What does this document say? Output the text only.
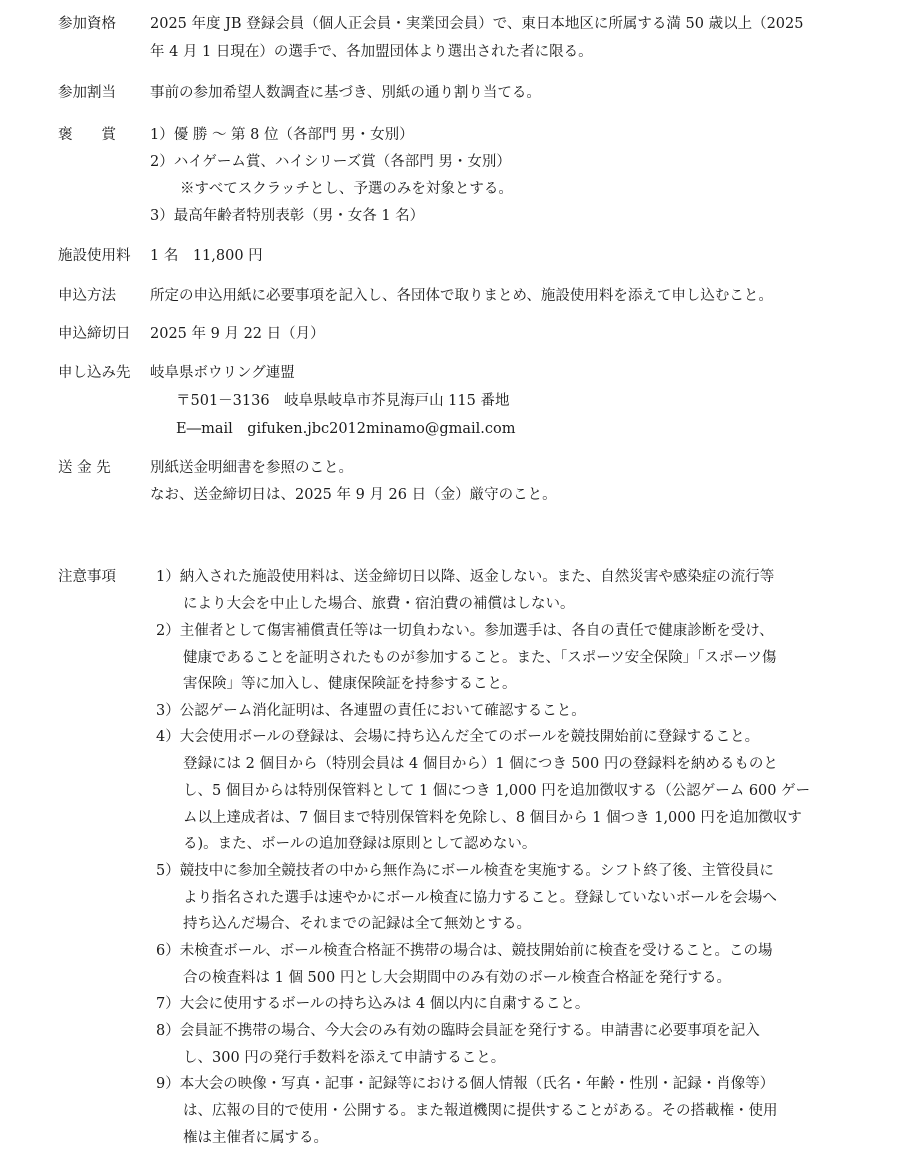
参加資格 2025 年度 JB 登録会員（個人正会員・実業団会員）で、東日本地区に所属する満 50 歳以上（2025
年 4 月 1 日現在）の選手で、各加盟団体より選出された者に限る。
参加割当 事前の参加希望人数調査に基づき、別紙の通り割り当てる。
褒　　賞 1）優 勝 〜 第 8 位（各部門 男・女別）
2）ハイゲーム賞、ハイシリーズ賞（各部門 男・女別）
※すべてスクラッチとし、予選のみを対象とする。
3）最高年齢者特別表彰（男・女各 1 名）
施設使用料 1 名　11,800 円
申込方法 所定の申込用紙に必要事項を記入し、各団体で取りまとめ、施設使用料を添えて申し込むこと。
申込締切日 2025 年 9 月 22 日（月）
申し込み先 岐阜県ボウリング連盟
〒501－3136　岐阜県岐阜市芥見海戸山 115 番地
E―mail　gifuken.jbc2012minamo@gmail.com
送 金 先	別紙送金明細書を参照のこと。
なお、送金締切日は、2025 年 9 月 26 日（金）厳守のこと。
注意事項	1）納入された施設使用料は、送金締切日以降、返金しない。また、自然災害や感染症の流行等
により大会を中止した場合、旅費・宿泊費の補償はしない。
2）主催者として傷害補償責任等は一切負わない。参加選手は、各自の責任で健康診断を受け、
健康であることを証明されたものが参加すること。また、「スポーツ安全保険」「スポーツ傷
害保険」等に加入し、健康保険証を持参すること。
3）公認ゲーム消化証明は、各連盟の責任において確認すること。
4）大会使用ボールの登録は、会場に持ち込んだ全てのボールを競技開始前に登録すること。
登録には 2 個目から（特別会員は 4 個目から）1 個につき 500 円の登録料を納めるものと
し、5 個目からは特別保管料として 1 個につき 1,000 円を追加徴収する（公認ゲーム 600 ゲー
ム以上達成者は、7 個目まで特別保管料を免除し、8 個目から 1 個つき 1,000 円を追加徴収す
る)。また、ボールの追加登録は原則として認めない。
5）競技中に参加全競技者の中から無作為にボール検査を実施する。シフト終了後、主管役員に
より指名された選手は速やかにボール検査に協力すること。登録していないボールを会場へ
持ち込んだ場合、それまでの記録は全て無効とする。
6）未検査ボール、ボール検査合格証不携帯の場合は、競技開始前に検査を受けること。この場
合の検査料は 1 個 500 円とし大会期間中のみ有効のボール検査合格証を発行する。
7）大会に使用するボールの持ち込みは 4 個以内に自粛すること。
8）会員証不携帯の場合、今大会のみ有効の臨時会員証を発行する。申請書に必要事項を記入
し、300 円の発行手数料を添えて申請すること。
9）本大会の映像・写真・記事・記録等における個人情報（氏名・年齢・性別・記録・肖像等）
は、広報の目的で使用・公開する。また報道機関に提供することがある。その搭載権・使用
権は主催者に属する。
